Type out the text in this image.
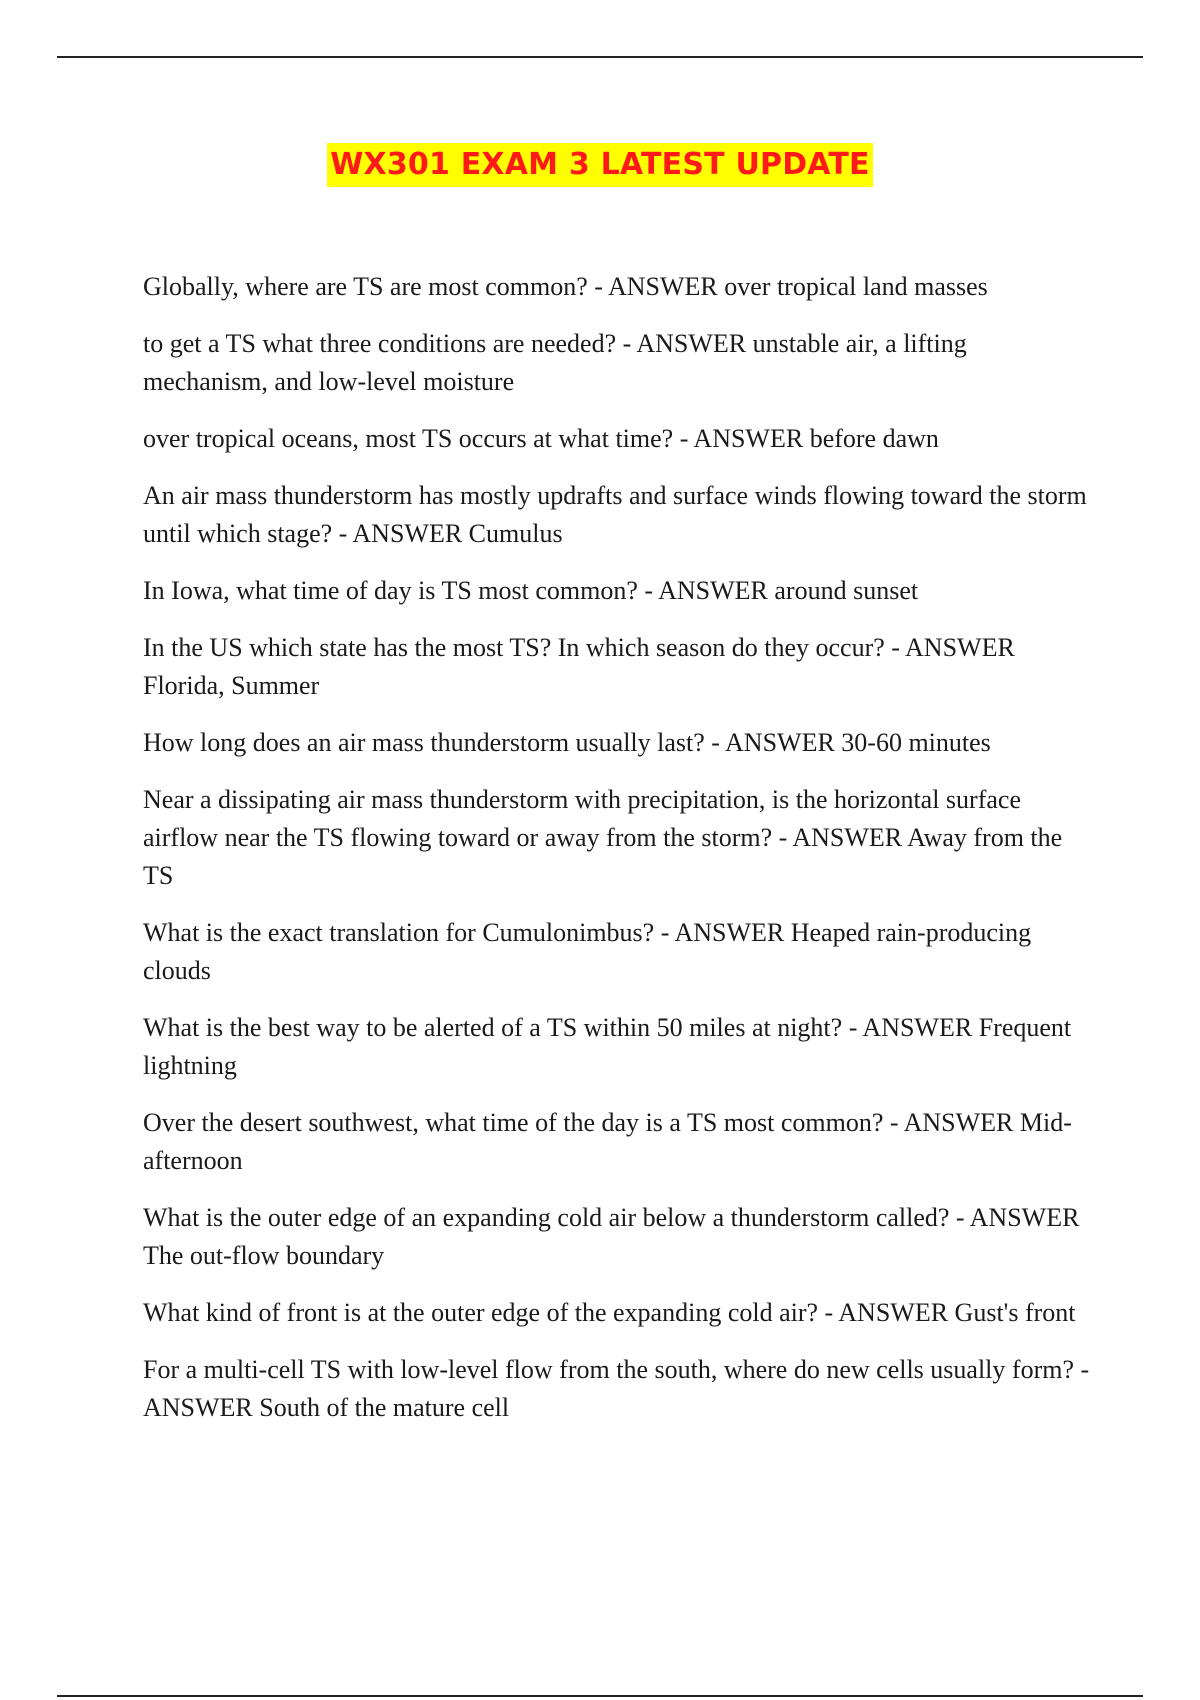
WX301 EXAM 3 LATEST UPDATE
Globally, where are TS are most common? - ANSWER over tropical land masses
to get a TS what three conditions are needed? - ANSWER unstable air, a lifting mechanism, and low-level moisture
over tropical oceans, most TS occurs at what time? - ANSWER before dawn
An air mass thunderstorm has mostly updrafts and surface winds flowing toward the storm until which stage? - ANSWER Cumulus
In Iowa, what time of day is TS most common? - ANSWER around sunset
In the US which state has the most TS? In which season do they occur? - ANSWER Florida, Summer
How long does an air mass thunderstorm usually last? - ANSWER 30-60 minutes
Near a dissipating air mass thunderstorm with precipitation, is the horizontal surface airflow near the TS flowing toward or away from the storm? - ANSWER Away from the TS
What is the exact translation for Cumulonimbus? - ANSWER Heaped rain-producing clouds
What is the best way to be alerted of a TS within 50 miles at night? - ANSWER Frequent lightning
Over the desert southwest, what time of the day is a TS most common? - ANSWER Mid-afternoon
What is the outer edge of an expanding cold air below a thunderstorm called? - ANSWER The out-flow boundary
What kind of front is at the outer edge of the expanding cold air? - ANSWER Gust's front
For a multi-cell TS with low-level flow from the south, where do new cells usually form? - ANSWER South of the mature cell
